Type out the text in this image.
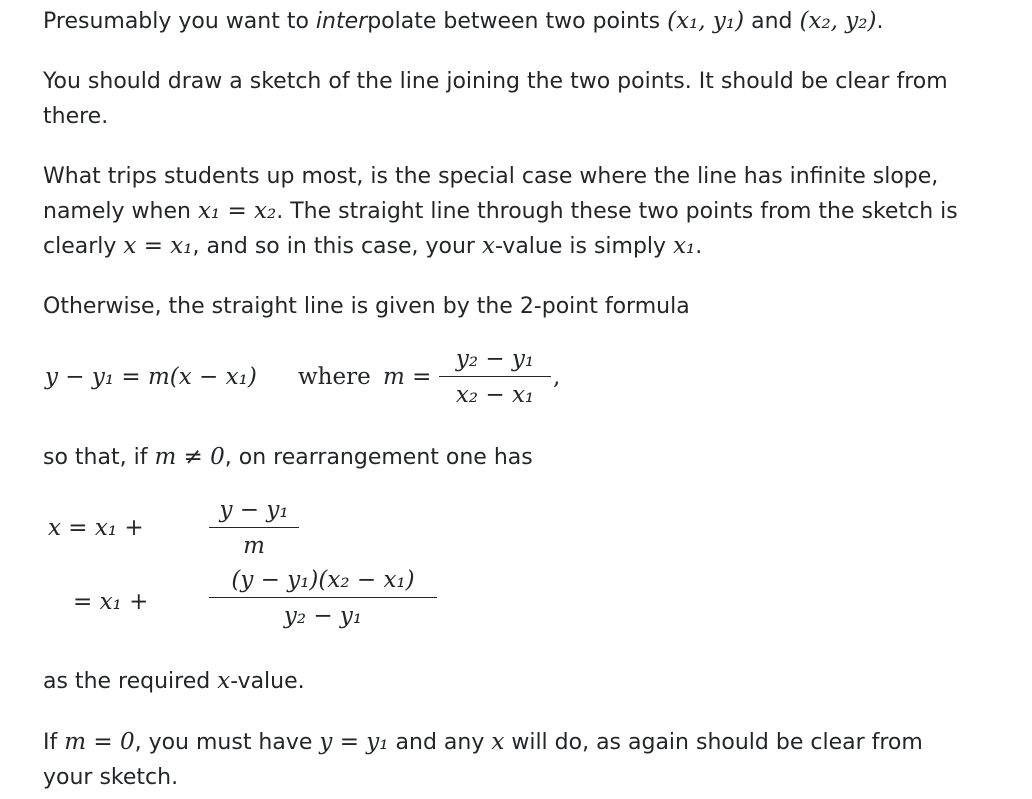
Presumably you want to interpolate between two points (x₁, y₁) and (x₂, y₂).

You should draw a sketch of the line joining the two points. It should be clear from there.

What trips students up most, is the special case where the line has infinite slope, namely when x₁ = x₂. The straight line through these two points from the sketch is clearly x = x₁, and so in this case, your x-value is simply x₁.

Otherwise, the straight line is given by the 2-point formula

y − y₁ = m(x − x₁) where $m = \frac{\text{y₂ − y₁}}{\text{x₂ − x₁}}$ ,

so that, if m ≠ 0, on rearrangement one has

x = x₁ +	$\frac{\text{y − y₁}}{m}$
= x₁ +	$\frac{\text{(y − y₁)(x₂ − x₁)}}{\text{y₂ − y₁}}$

as the required x-value.

If m = 0, you must have y = y₁ and any x will do, as again should be clear from your sketch.
